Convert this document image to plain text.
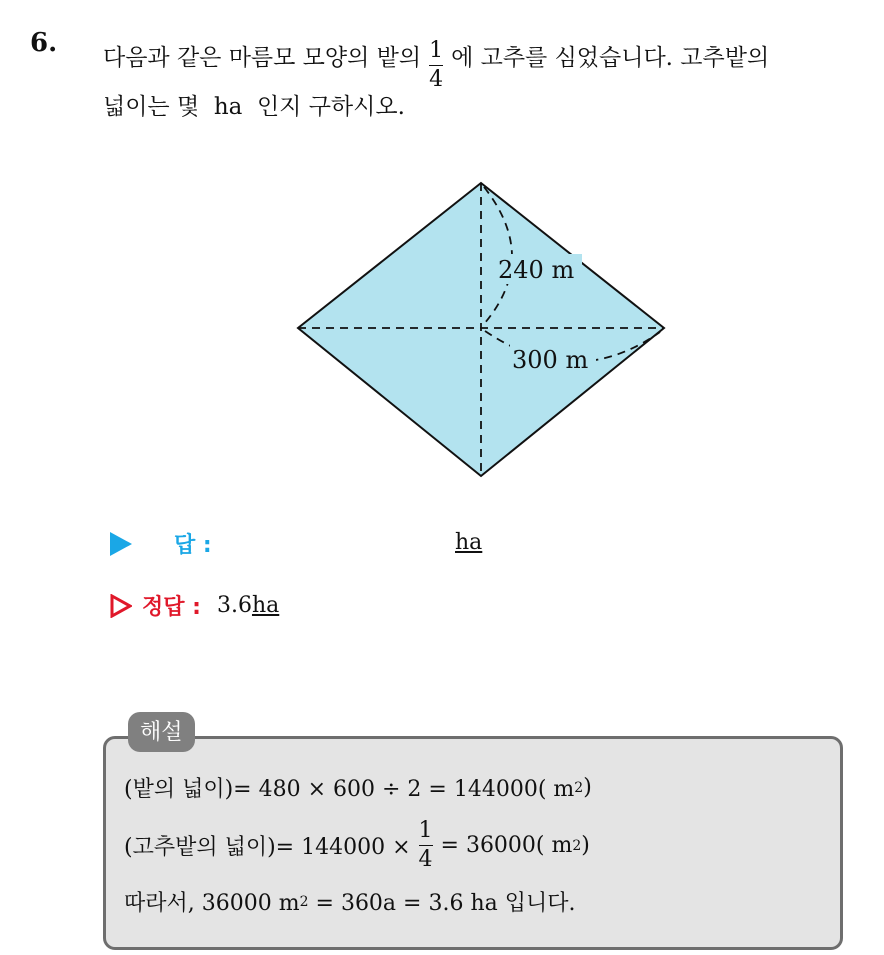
6. 다음과 같은 마름모 모양의 밭의 $\frac{1}{4}$ 에 고추를 심었습니다. 고추밭의
넓이는 몇 ha 인지 구하시오.
240 m
300 m
답 :	ha
정답 : 3.6 ha
해설
(밭의 넓이)= 480 × 600 ÷ 2 = 144000( m 2 )
(고추밭의 넓이)= $144000 \times \frac{1}{4} = 36000$( m 2 )
따라서, 36000 m 2
= 360a = 3.6 ha 입니다.
